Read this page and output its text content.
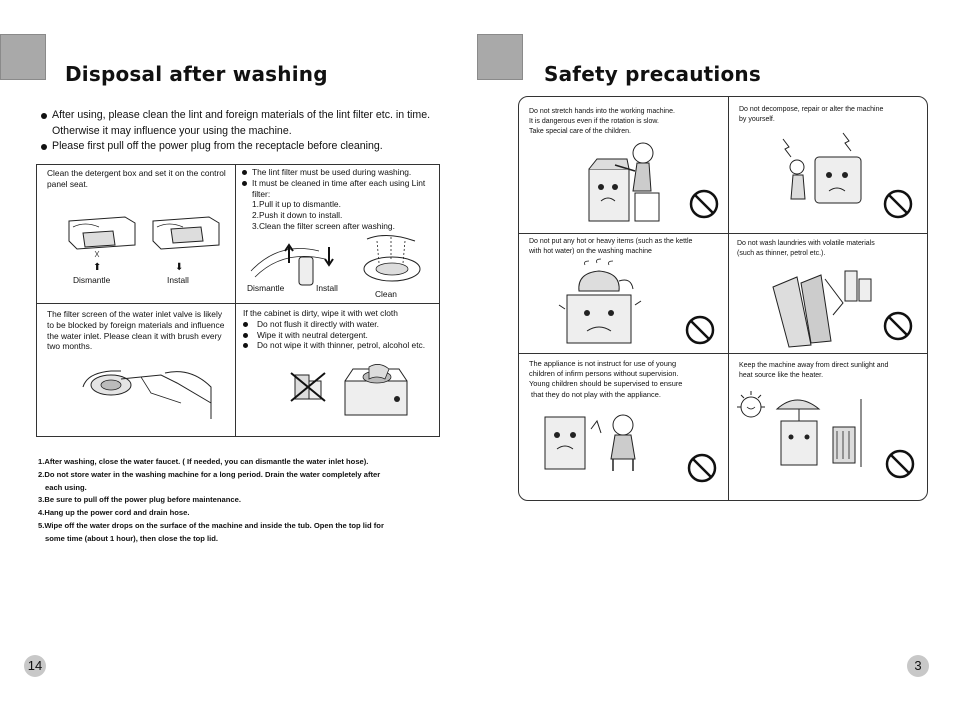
Disposal after washing
After using, please clean the lint and foreign materials of the lint filter etc. in time. Otherwise it may influence your using the machine.
Please first pull off the power plug from the receptacle before cleaning.
Clean the detergent box and set it on the control panel seat.
⬆	⬇
Dismantle	Install
The lint filter must be used during washing.
It must be cleaned in time after each using Lint filter:
1.Pull it up to dismantle.
2.Push it down to install.
3.Clean the filter screen after washing.
Dismantle	Install
Clean
The filter screen of the water inlet valve is likely to be blocked by foreign materials and influence the water inlet. Please clean it with brush every two months.
If the cabinet is dirty, wipe it with wet cloth
Do not flush it directly with water.
Wipe it with neutral detergent.
Do not wipe it with thinner, petrol, alcohol etc.

1.After washing, close the water faucet. ( If needed, you can dismantle the water inlet hose).

2.Do not store water in the washing machine for a long period. Drain the water completely after

each using.

3.Be sure to pull off the power plug before maintenance.

4.Hang up the power cord and drain hose.

5.Wipe off the water drops on the surface of the machine and inside the tub. Open the top lid for

some time (about 1 hour), then close the top lid.

14
Safety precautions
Do not stretch hands into the working machine.
It is dangerous even if the rotation is slow.
Take special care of the children.
Do not decompose, repair or alter the machine
by yourself.
Do not put any hot or heavy items (such as the kettle
with hot water) on the washing machine
Do not wash laundries with volatile materials
(such as thinner, petrol etc.).
The appliance is not instruct for use of young
children of infirm persons without supervision.
Young children should be supervised to ensure
that they do not play with the appliance.
Keep the machine away from direct sunlight and
heat source like the heater.
3
